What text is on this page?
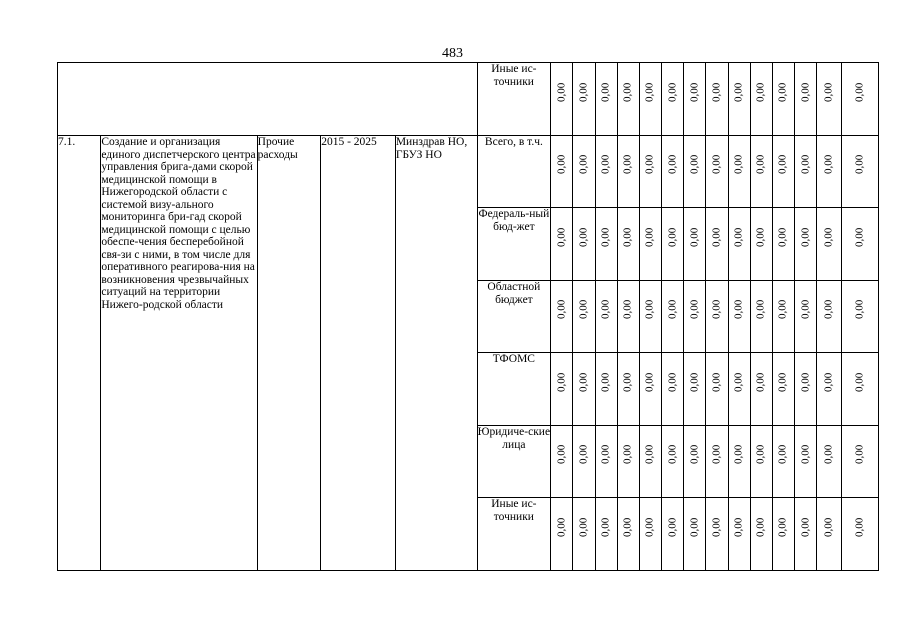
483
					Иные ис-
точники	0,00	0,00	0,00	0,00	0,00	0,00	0,00	0,00	0,00	0,00	0,00	0,00	0,00	0,00

7.1.	Создание и организация единого диспетчерского центра управления брига-дами скорой медицинской помощи в Нижегородской области с системой визу-ального мониторинга бри-гад скорой медицинской помощи с целью обеспе-чения бесперебойной свя-зи с ними, в том числе для оперативного реагирова-ния на возникновения чрезвычайных ситуаций на территории Нижего-родской области	Прочие расходы	2015 - 2025	Минздрав НО, ГБУЗ НО	Всего, в т.ч.	0,00	0,00	0,00	0,00	0,00	0,00	0,00	0,00	0,00	0,00	0,00	0,00	0,00	0,00

					Федераль-ный бюд-жет	0,00	0,00	0,00	0,00	0,00	0,00	0,00	0,00	0,00	0,00	0,00	0,00	0,00	0,00

					Областной бюджет	0,00	0,00	0,00	0,00	0,00	0,00	0,00	0,00	0,00	0,00	0,00	0,00	0,00	0,00

					ТФОМС	0,00	0,00	0,00	0,00	0,00	0,00	0,00	0,00	0,00	0,00	0,00	0,00	0,00	0,00

					Юридиче-ские лица	0,00	0,00	0,00	0,00	0,00	0,00	0,00	0,00	0,00	0,00	0,00	0,00	0,00	0,00

					Иные ис-точники	0,00	0,00	0,00	0,00	0,00	0,00	0,00	0,00	0,00	0,00	0,00	0,00	0,00	0,00
